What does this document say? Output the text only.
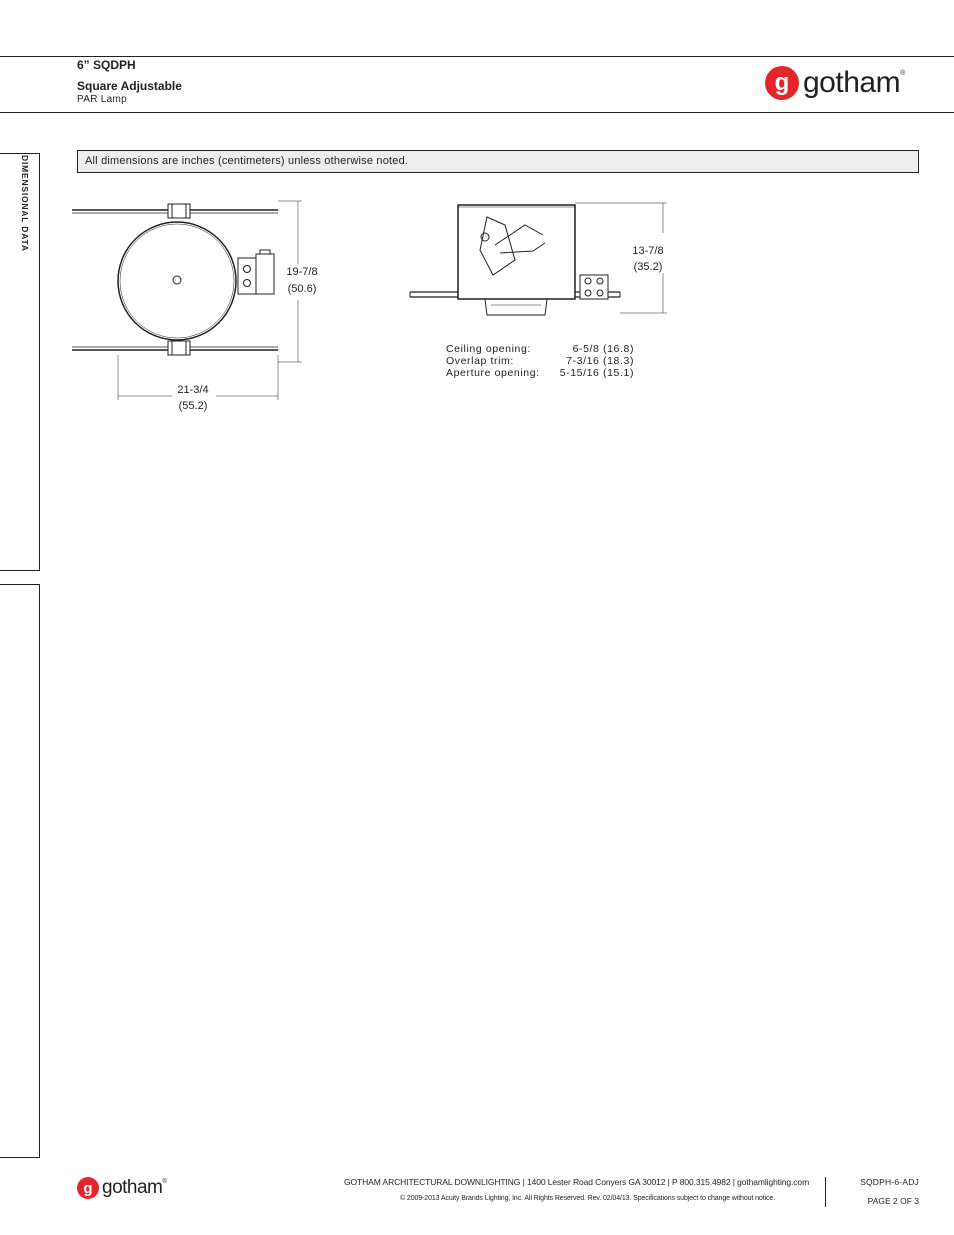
6” SQDPH
Square Adjustable
PAR Lamp
g gotham ®
DIMENSIONAL DATA	All dimensions are inches (centimeters) unless otherwise noted.
19-7/8
(50.6)
21-3/4
(55.2)
13-7/8
(35.2)
Ceiling opening:	6-5/8 (16.8)
Overlap trim:	7-3/16 (18.3)
Aperture opening:	5-15/16 (15.1)
g gotham ®	GOTHAM ARCHITECTURAL DOWNLIGHTING | 1400 Lester Road Conyers GA 30012 | P 800.315.4982 | gothamlighting.com
© 2009-2013 Acuity Brands Lighting, Inc. All Rights Reserved. Rev. 02/04/13. Specifications subject to change without notice.
SQDPH-6-ADJ
PAGE 2 OF 3
